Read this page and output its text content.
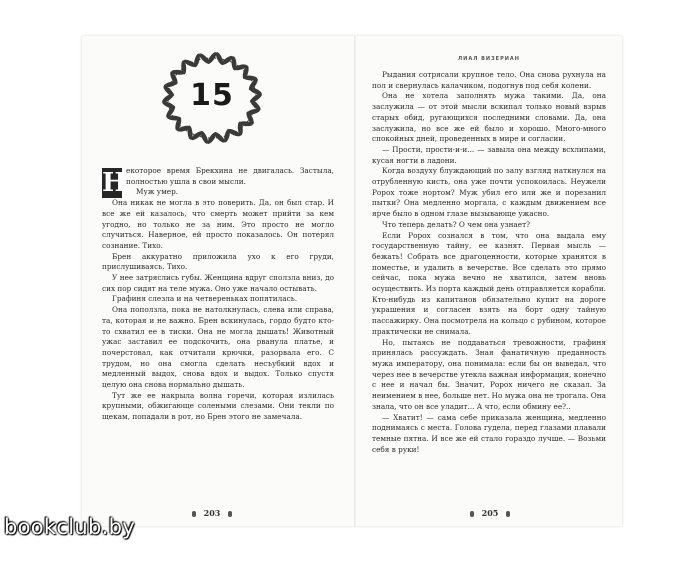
15

Н екоторое время Брекхина не двигалась. Застыла, полностью ушла в свои мысли.

Муж умер.

Она никак не могла в это поверить. Да, он был стар. И все же ей казалось, что смерть может прийти за кем угодно, но только не за ним. Это просто не могло случиться. Наверное, ей просто показалось. Он потерял сознание. Тихо.

Брен аккуратно приложила ухо к его груди, прислушиваясь. Тихо.

У нее затряслись губы. Женщина вдруг сползла вниз, до сих пор сидят на теле мужа. Оно уже начало остывать.

Графиня слезла и на четвереньках попятилась.

Она поползла, пока не натолкнулась, слева или справа, та, которая и не важно. Брен вскинулась, гордо будто кто-то схватил ее в тиски. Она не могла дышать! Животный ужас заставил ее подскочить, она рванула платье, и почерстовал, как отчитали крючки, разорвала его. С трудом, но она смогла сделать несъубкий вдох и медленный выдох, снова вдох и выдох. Только спустя целую она снова нормально дышать.

Тут же ее накрыла волна горечи, которая излилась крупными, обжигающе солеными слезами. Они текли по щекам, попадали в рот, но Брен этого не замечала.

203
ЛИАЛ ВИЗЕРИАН

Рыдания сотрясали крупное тело. Она снова рухнула на пол и свернулась калачиком, подогнув под себя колени.

Она не хотела заполнять мужа такими. Да, она заслужила — от этой мысли вскипал только новый взрыв старых обид, ругающихся последними словами. Да, она заслужила, но все же ей было и хорошо. Много-много спокойных дней, проведенных в мире и согласии.

— Прости, прости-и-и... — завыла она между всхлипами, кусая ногти в ладони.

Когда воздуху блуждающий по залу взгляд наткнулся на отрубленную кисть, она уже почти успокоилась. Неужели Ророх тоже нортом? Муж убил его или же и порезанил пытки? Она медленно моргала, с каждым движением все ярче было в одном глазе вызывающе ужасно.

Что теперь делать? О чем она узнает?

Если Ророх сознался в том, что она выдала ему государственную тайну, ее казнят. Первая мысль — бежать! Собрать все драгоценности, которые хранятся в поместье, и удалить в вечерстве. Все сделать это прямо сейчас, пока мужа вечно не хватился, затем вновь осуществить. Из порта каждый день отправляется корабли. Кто-нибудь из капитанов обязательно купит на дороге украшения и согласен взять на борт одну тайную пассажирку. Она посмотрела на кольцо с рубином, которое практически не снимала.

Но, пытаясь не поддаваться тревожности, графиня принялась рассуждать. Зная фанатичную преданность мужа императору, она понимала: если бы он выведал, что через нее в вечерстве утекла важная информация, конечно с нее и начал бы. Значит, Ророх ничего не сказал. За неимением в нее, больше нет. Но мужа она не трогала. Она знала, что он все уладит... А что, если обмину ее?..

— Хватит! — сама себе приказала женщина, медленно поднимаясь с места. Голова гудела, перед глазами плавали темные пятна. И все же ей стало гораздо лучше. — Возьми себя в руки!

205
bookclub.by
